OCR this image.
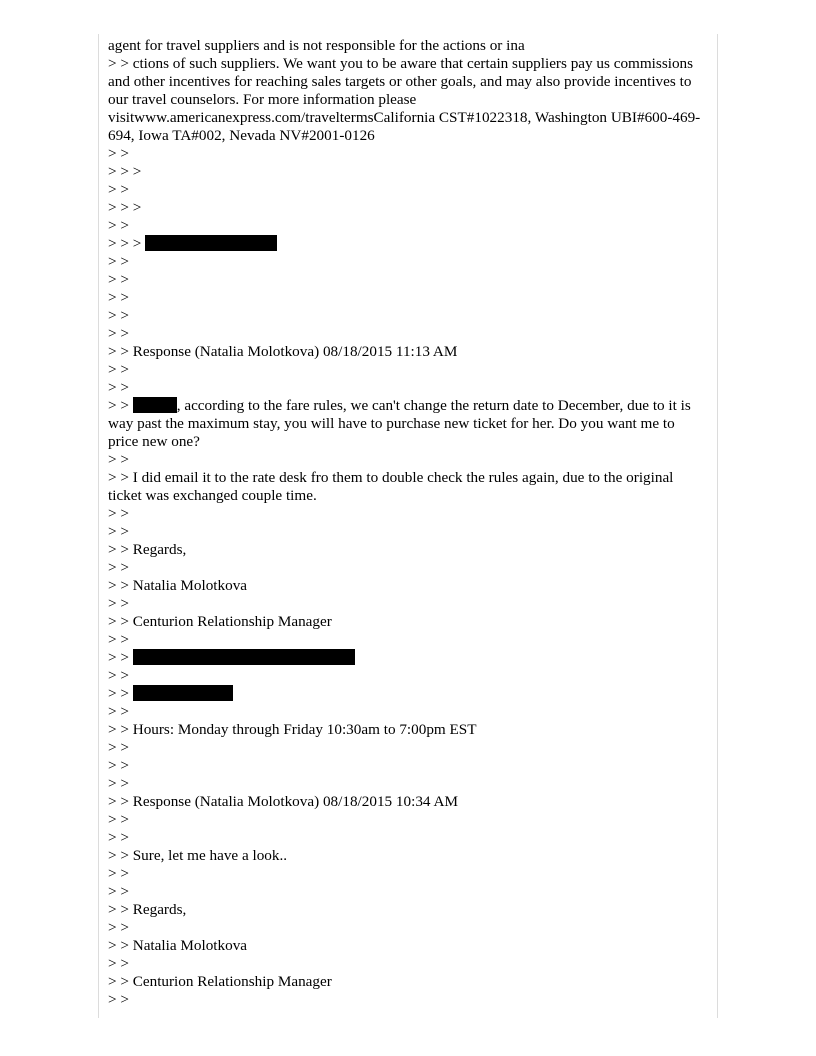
agent for travel suppliers and is not responsible for the actions or ina

> > ctions of such suppliers. We want you to be aware that certain suppliers pay us commissions and other incentives for reaching sales targets or other goals, and may also provide incentives to our travel counselors. For more information please visitwww.americanexpress.com/traveltermsCalifornia CST#1022318, Washington UBI#600-469-694, Iowa TA#002, Nevada NV#2001-0126

> >

> > >

> >

> > >

> >

> > >

> >

> >

> >

> >

> >

> > Response (Natalia Molotkova) 08/18/2015 11:13 AM

> >

> >

> >	, according to the fare rules, we can't change the return date to December, due to it is way past the maximum stay, you will have to purchase new ticket for her. Do you want me to price new one?

> >

> > I did email it to the rate desk fro them to double check the rules again, due to the original ticket was exchanged couple time.

> >

> >

> > Regards,

> >

> > Natalia Molotkova

> >

> > Centurion Relationship Manager

> >

> >

> >

> >

> >

> > Hours: Monday through Friday 10:30am to 7:00pm EST

> >

> >

> >

> > Response (Natalia Molotkova) 08/18/2015 10:34 AM

> >

> >

> > Sure, let me have a look..

> >

> >

> > Regards,

> >

> > Natalia Molotkova

> >

> > Centurion Relationship Manager

> >
